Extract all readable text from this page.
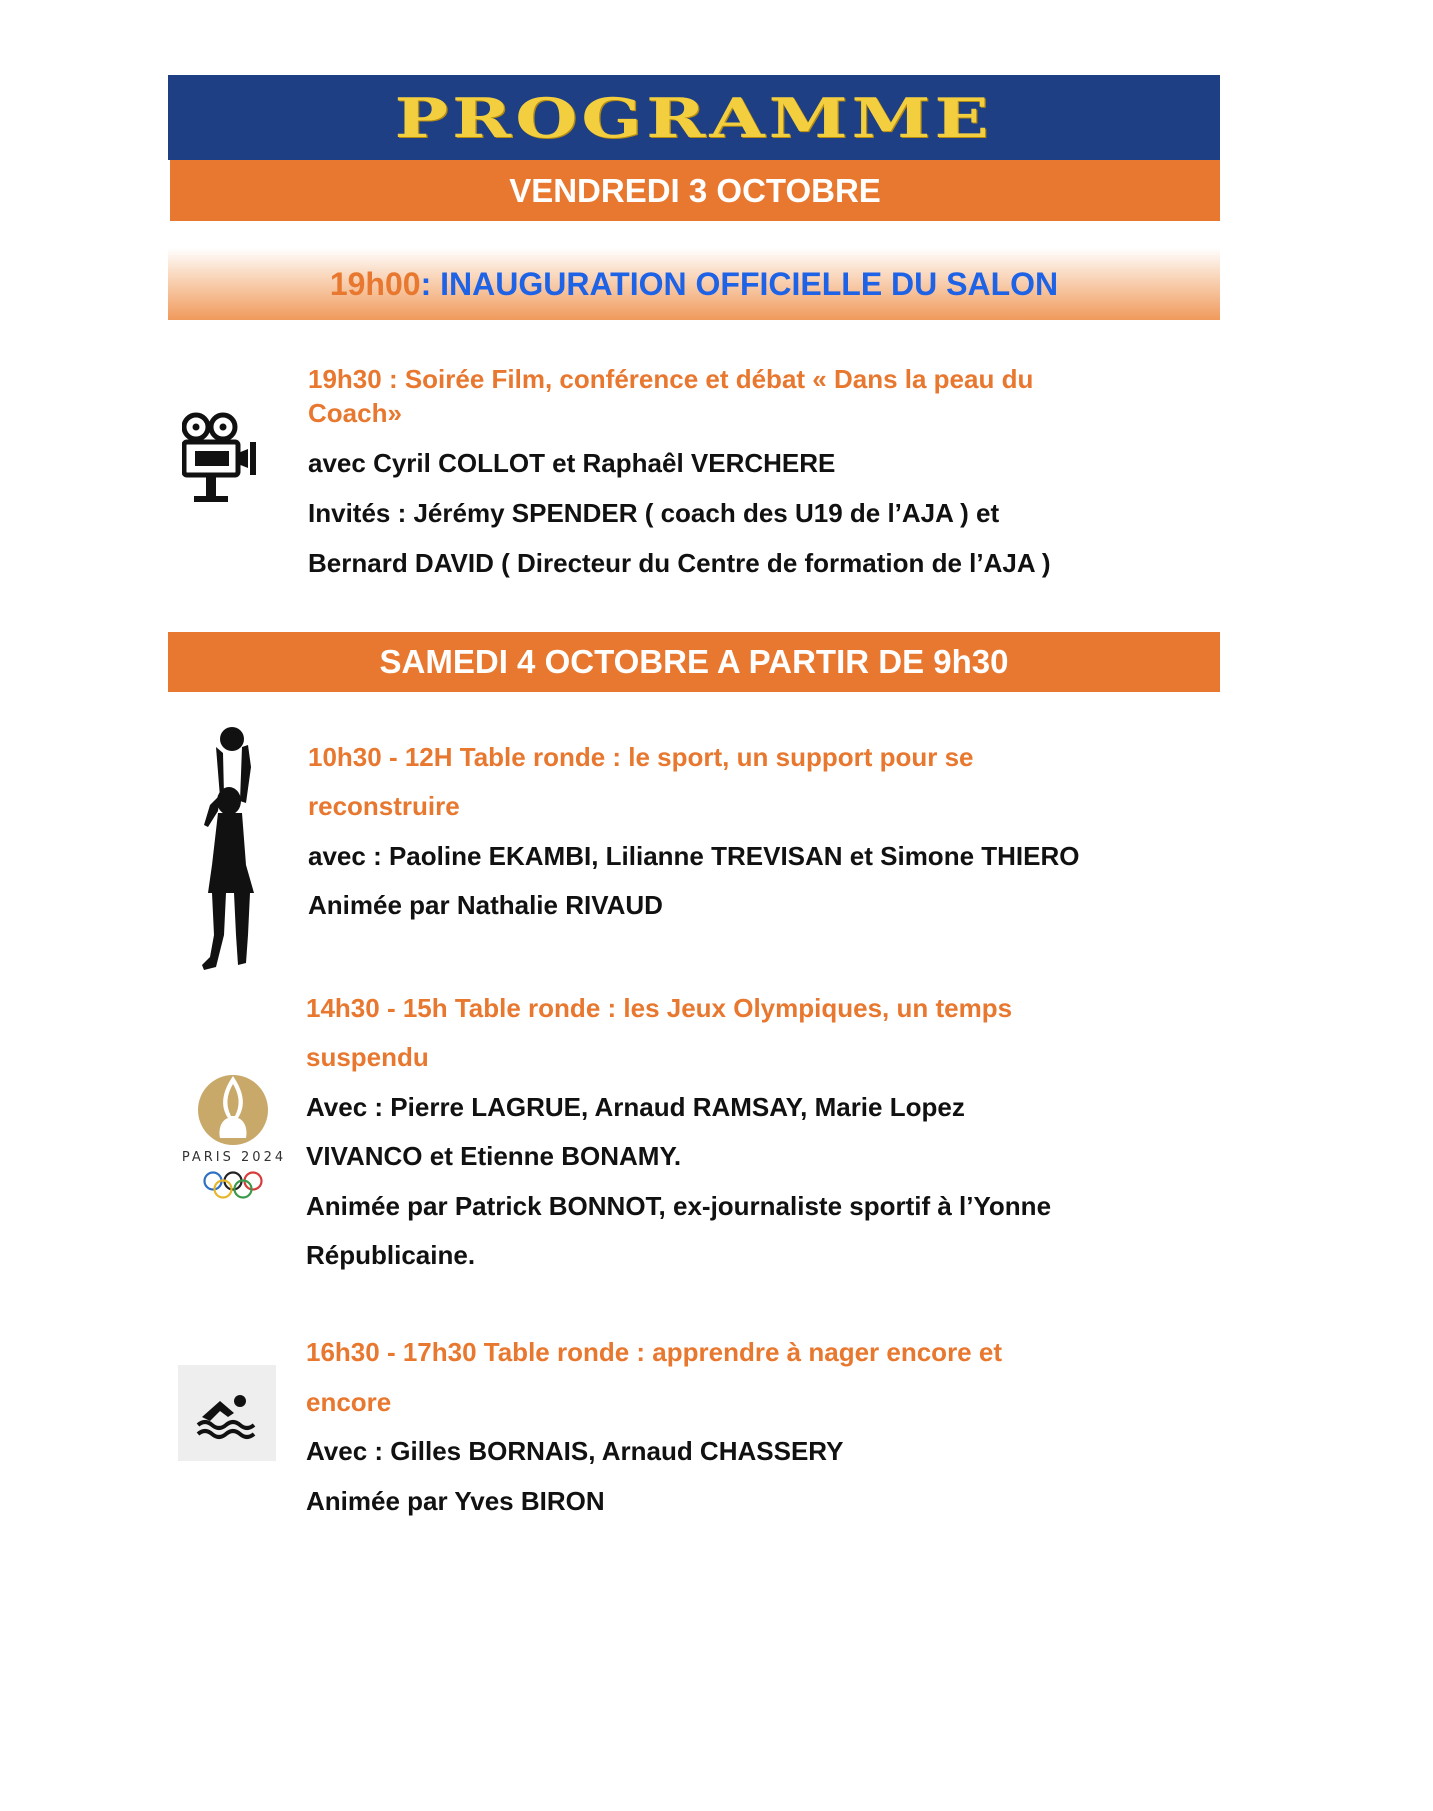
PROGRAMME
VENDREDI 3 OCTOBRE
19h00 : INAUGURATION OFFICIELLE DU SALON
19h30 : Soirée Film, conférence et débat « Dans la peau du
Coach»
avec Cyril COLLOT et Raphaêl VERCHERE
Invités : Jérémy SPENDER ( coach des U19 de l’AJA ) et
Bernard DAVID ( Directeur du Centre de formation de l’AJA )
SAMEDI 4 OCTOBRE A PARTIR DE 9h30
10h30 - 12H Table ronde : le sport, un support pour se
reconstruire
avec : Paoline EKAMBI, Lilianne TREVISAN et Simone THIERO
Animée par Nathalie RIVAUD
PARIS 2024
14h30 - 15h Table ronde : les Jeux Olympiques, un temps
suspendu
Avec : Pierre LAGRUE, Arnaud RAMSAY, Marie Lopez
VIVANCO et Etienne BONAMY.
Animée par Patrick BONNOT, ex-journaliste sportif à l’Yonne
Républicaine.
16h30 - 17h30 Table ronde : apprendre à nager encore et
encore
Avec : Gilles BORNAIS, Arnaud CHASSERY
Animée par Yves BIRON
